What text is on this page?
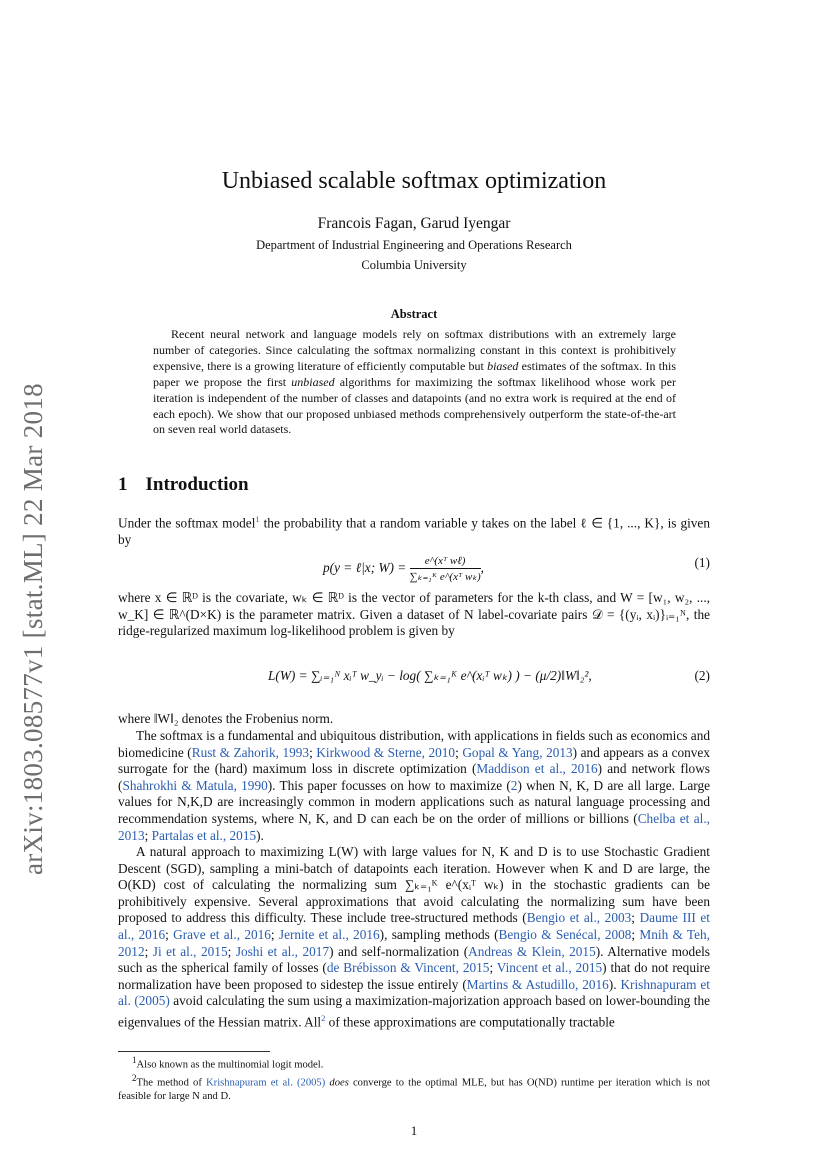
arXiv:1803.08577v1 [stat.ML] 22 Mar 2018
Unbiased scalable softmax optimization
Francois Fagan, Garud Iyengar
Department of Industrial Engineering and Operations Research
Columbia University
Abstract
Recent neural network and language models rely on softmax distributions with an extremely large number of categories. Since calculating the softmax normalizing constant in this context is prohibitively expensive, there is a growing literature of efficiently computable but biased estimates of the softmax. In this paper we propose the first unbiased algorithms for maximizing the softmax likelihood whose work per iteration is independent of the number of classes and datapoints (and no extra work is required at the end of each epoch). We show that our proposed unbiased methods comprehensively outperform the state-of-the-art on seven real world datasets.
1 Introduction
Under the softmax model$^1$ the probability that a random variable y takes on the label ℓ ∈ {1, ..., K}, is given by
p(y = ℓ|x; $W) = \frac{\text{e\textasciicircum{}(xᵀ wℓ)}}{\text{∑ₖ₌₁ᴷ e\textasciicircum{}(xᵀ wₖ)}}$ ,	(1)
where x ∈ ℝᴰ is the covariate, wₖ ∈ ℝᴰ is the vector of parameters for the k-th class, and W = [w₁, w₂, ..., w_K] ∈ ℝ^(D×K) is the parameter matrix. Given a dataset of N label-covariate pairs 𝒟 = {(yᵢ, xᵢ)}ᵢ₌₁ᴺ, the ridge-regularized maximum log-likelihood problem is given by
L(W) = ∑ᵢ₌₁ᴺ xᵢᵀ w_yᵢ − log( ∑ₖ₌₁ᴷ e^(xᵢᵀ wₖ) ) − (μ/2)‖W‖₂²,	(2)
where ‖W‖₂ denotes the Frobenius norm.
The softmax is a fundamental and ubiquitous distribution, with applications in fields such as economics and biomedicine (Rust & Zahorik, 1993; Kirkwood & Sterne, 2010; Gopal & Yang, 2013) and appears as a convex surrogate for the (hard) maximum loss in discrete optimization (Maddison et al., 2016) and network flows (Shahrokhi & Matula, 1990). This paper focusses on how to maximize (2) when N, K, D are all large. Large values for N,K,D are increasingly common in modern applications such as natural language processing and recommendation systems, where N, K, and D can each be on the order of millions or billions (Chelba et al., 2013; Partalas et al., 2015).
A natural approach to maximizing L(W) with large values for N, K and D is to use Stochastic Gradient Descent (SGD), sampling a mini-batch of datapoints each iteration. However when K and D are large, the O(KD) cost of calculating the normalizing sum ∑ₖ₌₁ᴷ e^(xᵢᵀ wₖ) in the stochastic gradients can be prohibitively expensive. Several approximations that avoid calculating the normalizing sum have been proposed to address this difficulty. These include tree-structured methods (Bengio et al., 2003; Daume III et al., 2016; Grave et al., 2016; Jernite et al., 2016), sampling methods (Bengio & Senécal, 2008; Mnih & Teh, 2012; Ji et al., 2015; Joshi et al., 2017) and self-normalization (Andreas & Klein, 2015). Alternative models such as the spherical family of losses (de Brébisson & Vincent, 2015; Vincent et al., 2015) that do not require normalization have been proposed to sidestep the issue entirely (Martins & Astudillo, 2016). Krishnapuram et al. (2005) avoid calculating the sum using a maximization-majorization approach based on lower-bounding the eigenvalues of the Hessian matrix. All$^2$ of these approximations are computationally tractable

$^1$Also known as the multinomial logit model.

$^2$The method of Krishnapuram et al. (2005) does converge to the optimal MLE, but has O(ND) runtime per iteration which is not feasible for large N and D.

1
